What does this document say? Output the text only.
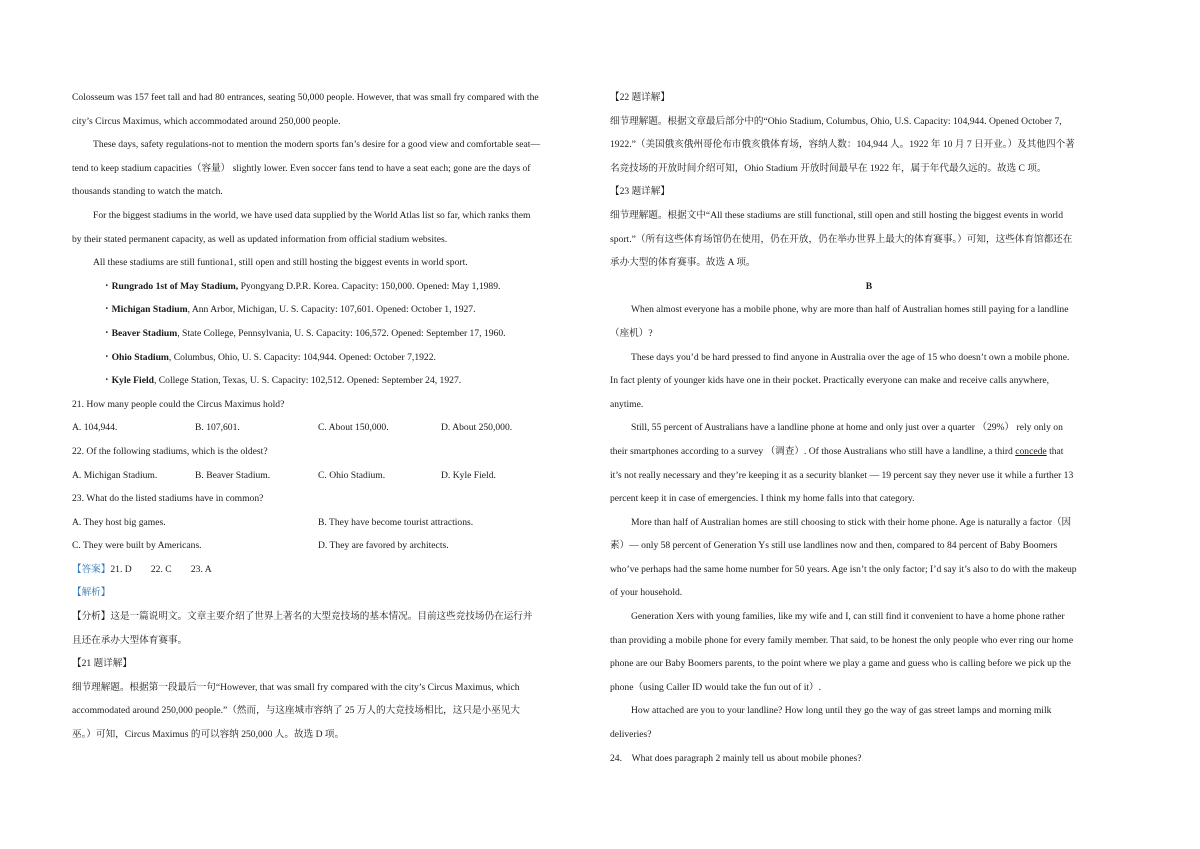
Colosseum was 157 feet tall and had 80 entrances, seating 50,000 people. However, that was small fry compared with the

city’s Circus Maximus, which accommodated around 250,000 people.

These days, safety regulations-not to mention the modern sports fan’s desire for a good view and comfortable seat—

tend to keep stadium capacities（容量） slightly lower. Even soccer fans tend to have a seat each; gone are the days of

thousands standing to watch the match.

For the biggest stadiums in the world, we have used data supplied by the World Atlas list so far, which ranks them

by their stated permanent capacity, as well as updated information from official stadium websites.

All these stadiums are still funtiona1, still open and still hosting the biggest events in world sport.

・Rungrado 1st of May Stadium, Pyongyang D.P.R. Korea. Capacity: 150,000. Opened: May 1,1989.

・Michigan Stadium, Ann Arbor, Michigan, U. S. Capacity: 107,601. Opened: October 1, 1927.

・Beaver Stadium, State College, Pennsylvania, U. S. Capacity: 106,572. Opened: September 17, 1960.

・Ohio Stadium, Columbus, Ohio, U. S. Capacity: 104,944. Opened: October 7,1922.

・Kyle Field, College Station, Texas, U. S. Capacity: 102,512. Opened: September 24, 1927.

21. How many people could the Circus Maximus hold?

A. 104,944.	B. 107,601.	C. About 150,000.	D. About 250,000.

22. Of the following stadiums, which is the oldest?

A. Michigan Stadium.	B. Beaver Stadium.	C. Ohio Stadium.	D. Kyle Field.

23. What do the listed stadiums have in common?

A. They host big games.	B. They have become tourist attractions.
C. They were built by Americans.	D. They are favored by architects.

【答案】21. D　　22. C　　23. A

【解析】

【分析】这是一篇说明文。文章主要介绍了世界上著名的大型竞技场的基本情况。目前这些竞技场仍在运行并

且还在承办大型体育赛事。

【21 题详解】

细节理解题。根据第一段最后一句“However, that was small fry compared with the city’s Circus Maximus, which

accommodated around 250,000 people.”（然而，与这座城市容纳了 25 万人的大竞技场相比，这只是小巫见大

巫。）可知，Circus Maximus 的可以容纳 250,000 人。故选 D 项。

【22 题详解】

细节理解题。根据文章最后部分中的“Ohio Stadium, Columbus, Ohio, U.S. Capacity: 104,944. Opened October 7,

1922.”（美国俄亥俄州哥伦布市俄亥俄体育场，容纳人数：104,944 人。1922 年 10 月 7 日开业。）及其他四个著

名竞技场的开放时间介绍可知，Ohio Stadium 开放时间最早在 1922 年，属于年代最久远的。故选 C 项。

【23 题详解】

细节理解题。根据文中“All these stadiums are still functional, still open and still hosting the biggest events in world

sport.”（所有这些体育场馆仍在使用，仍在开放，仍在举办世界上最大的体育赛事。）可知，这些体育馆都还在

承办大型的体育赛事。故选 A 项。

B

When almost everyone has a mobile phone, why are more than half of Australian homes still paying for a landline

（座机）?

These days you’d be hard pressed to find anyone in Australia over the age of 15 who doesn’t own a mobile phone.

In fact plenty of younger kids have one in their pocket. Practically everyone can make and receive calls anywhere,

anytime.

Still, 55 percent of Australians have a landline phone at home and only just over a quarter （29%） rely only on

their smartphones according to a survey （调查）. Of those Australians who still have a landline, a third concede that

it’s not really necessary and they’re keeping it as a security blanket — 19 percent say they never use it while a further 13

percent keep it in case of emergencies. I think my home falls into that category.

More than half of Australian homes are still choosing to stick with their home phone. Age is naturally a factor（因

素）— only 58 percent of Generation Ys still use landlines now and then, compared to 84 percent of Baby Boomers

who’ve perhaps had the same home number for 50 years. Age isn’t the only factor; I’d say it’s also to do with the makeup

of your household.

Generation Xers with young families, like my wife and I, can still find it convenient to have a home phone rather

than providing a mobile phone for every family member. That said, to be honest the only people who ever ring our home

phone are our Baby Boomers parents, to the point where we play a game and guess who is calling before we pick up the

phone（using Caller ID would take the fun out of it）.

How attached are you to your landline? How long until they go the way of gas street lamps and morning milk

deliveries?

24.　What does paragraph 2 mainly tell us about mobile phones?
